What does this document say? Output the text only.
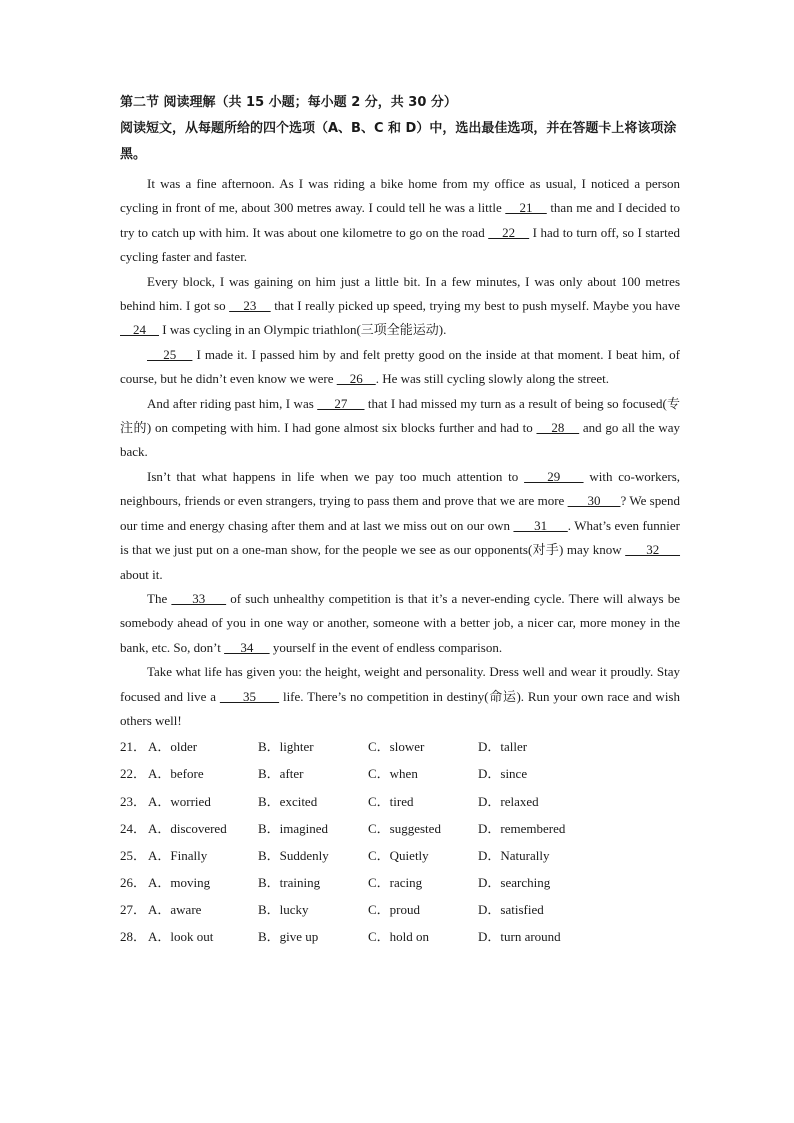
第二节 阅读理解（共 15 小题；每小题 2 分，共 30 分）

阅读短文，从每题所给的四个选项（A、B、C 和 D）中，选出最佳选项，并在答题卡上将该项涂黑。

It was a fine afternoon. As I was riding a bike home from my office as usual, I noticed a person cycling in front of me, about 300 metres away. I could tell he was a little     21     than me and I decided to try to catch up with him. It was about one kilometre to go on the road     22     I had to turn off, so I started cycling faster and faster.

Every block, I was gaining on him just a little bit. In a few minutes, I was only about 100 metres behind him. I got so     23     that I really picked up speed, trying my best to push myself. Maybe you have     24     I was cycling in an Olympic triathlon(三项全能运动).

25     I made it. I passed him by and felt pretty good on the inside at that moment. I beat him, of course, but he didn’t even know we were     26    . He was still cycling slowly along the street.

And after riding past him, I was      27      that I had missed my turn as a result of being so focused(专注的) on competing with him. I had gone almost six blocks further and had to     28     and go all the way back.

Isn’t that what happens in life when we pay too much attention to     29     with co-workers, neighbours, friends or even strangers, trying to pass them and prove that we are more       30      ? We spend our time and energy chasing after them and at last we miss out on our own       31      . What’s even funnier is that we just put on a one-man show, for the people we see as our opponents(对手) may know       32       about it.

The      33      of such unhealthy competition is that it’s a never-ending cycle. There will always be somebody ahead of you in one way or another, someone with a better job, a nicer car, more money in the bank, etc. So, don’t      34      yourself in the event of endless comparison.

Take what life has given you: the height, weight and personality. Dress well and wear it proudly. Stay focused and live a       35       life. There’s no competition in destiny(命运). Run your own race and wish others well!

21． A．older	B．lighter	C．slower	D．taller
22． A．before	B．after	C．when	D．since
23． A．worried	B．excited	C．tired	D．relaxed
24． A．discovered	B．imagined	C．suggested	D．remembered
25． A．Finally	B．Suddenly	C．Quietly	D．Naturally
26． A．moving	B．training	C．racing	D．searching
27． A．aware	B．lucky	C．proud	D．satisfied
28． A．look out	B．give up	C．hold on	D．turn around
